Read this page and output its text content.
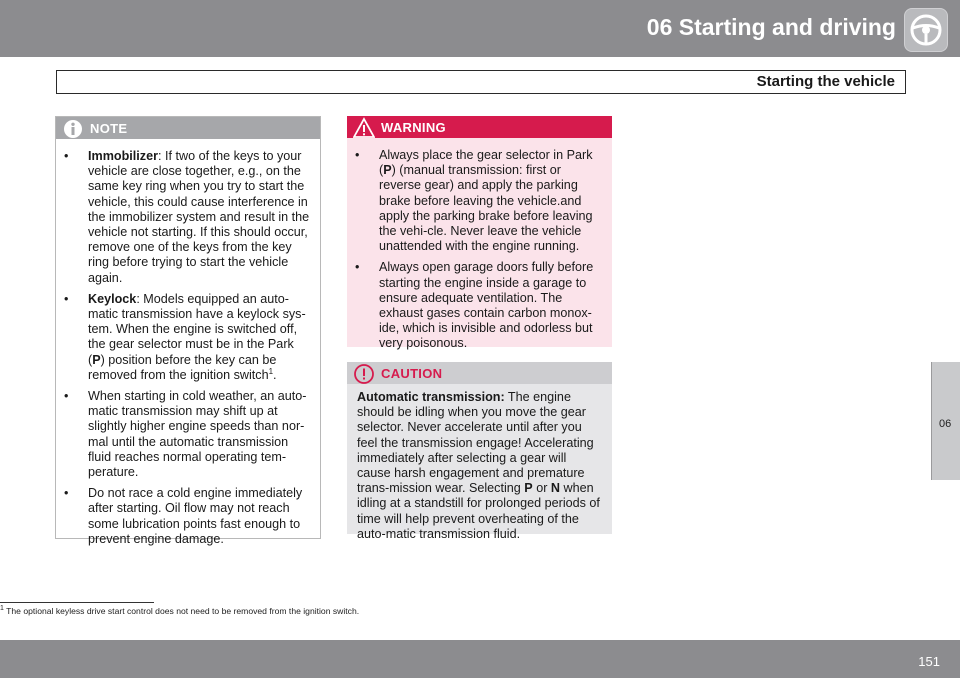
06 Starting and driving
Starting the vehicle
06
NOTE
• Immobilizer: If two of the keys to your vehicle are close together, e.g., on the same key ring when you try to start the vehicle, this could cause interference in the immobilizer system and result in the vehicle not starting. If this should occur, remove one of the keys from the key ring before trying to start the vehicle again.
• Keylock: Models equipped an auto-matic transmission have a keylock sys-tem. When the engine is switched off, the gear selector must be in the Park (P) position before the key can be removed from the ignition switch$^1$.
• When starting in cold weather, an auto-matic transmission may shift up at slightly higher engine speeds than nor-mal until the automatic transmission fluid reaches normal operating tem-perature.
• Do not race a cold engine immediately after starting. Oil flow may not reach some lubrication points fast enough to prevent engine damage.
WARNING
• Always place the gear selector in Park (P) (manual transmission: first or reverse gear) and apply the parking brake before leaving the vehicle.and apply the parking brake before leaving the vehi-cle. Never leave the vehicle unattended with the engine running.
• Always open garage doors fully before starting the engine inside a garage to ensure adequate ventilation. The exhaust gases contain carbon monox-ide, which is invisible and odorless but very poisonous.
CAUTION
Automatic transmission: The engine should be idling when you move the gear selector. Never accelerate until after you feel the transmission engage! Accelerating immediately after selecting a gear will cause harsh engagement and premature trans-mission wear. Selecting P or N when idling at a standstill for prolonged periods of time will help prevent overheating of the auto-matic transmission fluid.
$^1$ The optional keyless drive start control does not need to be removed from the ignition switch.
151
